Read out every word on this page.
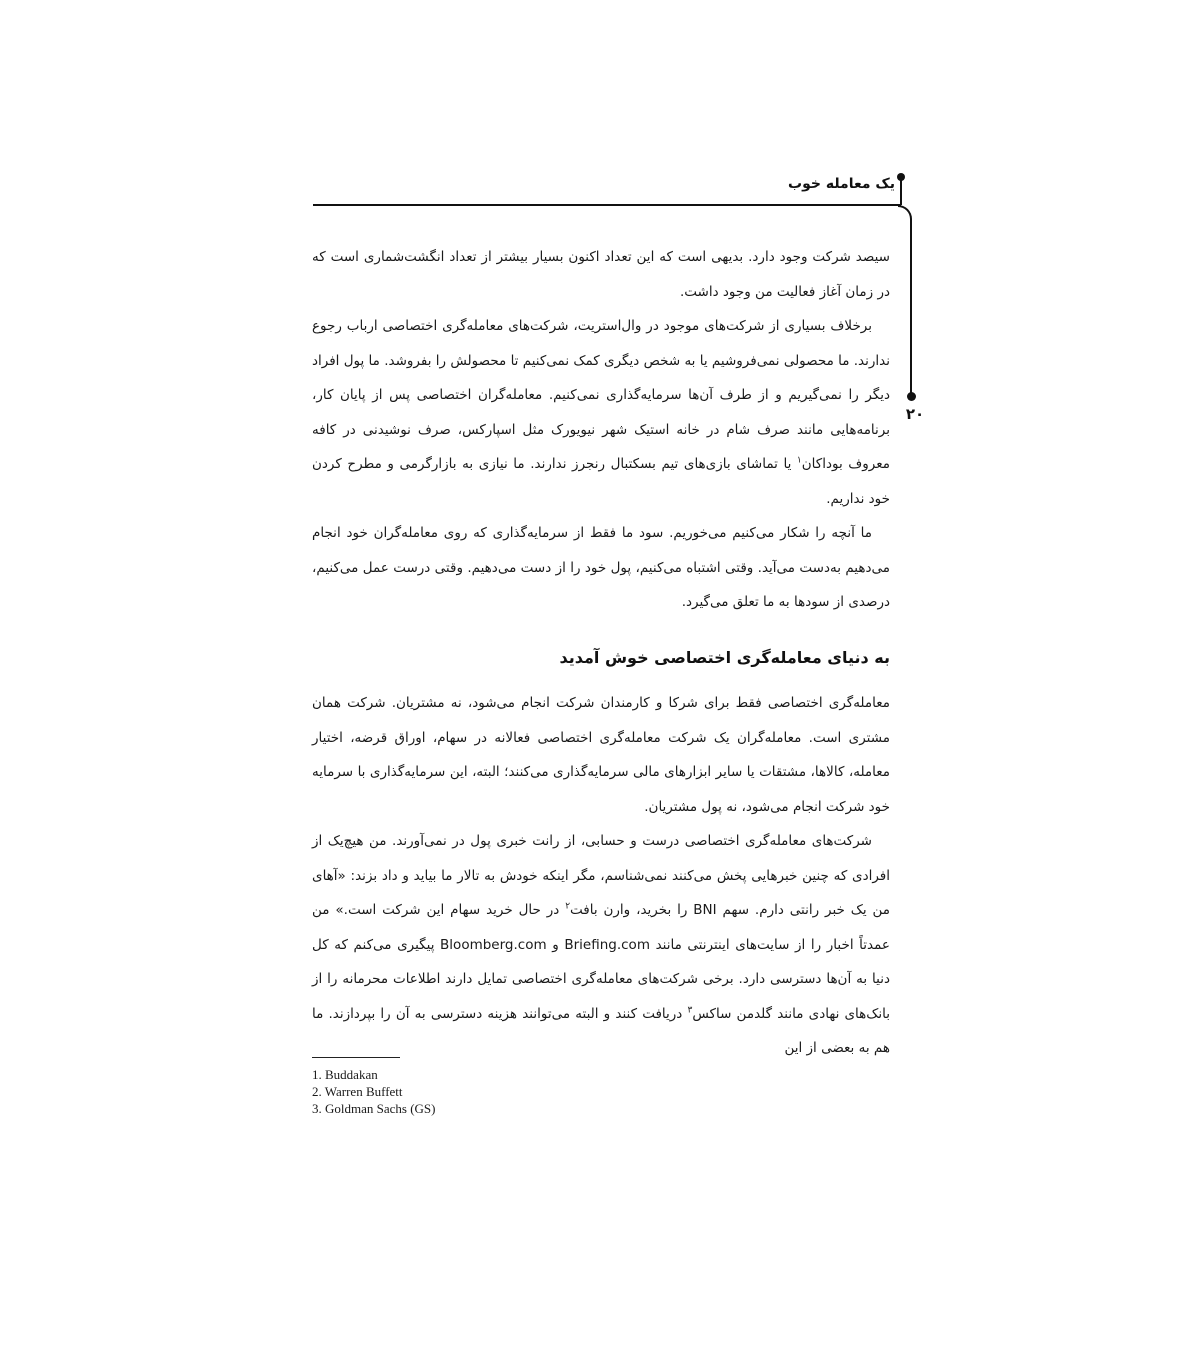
یک معامله خوب
۲۰

سیصد شرکت وجود دارد. بدیهی است که این تعداد اکنون بسیار بیشتر از تعداد انگشت‌شماری است که در زمان آغاز فعالیت من وجود داشت.

برخلاف بسیاری از شرکت‌های موجود در وال‌استریت، شرکت‌های معامله‌گری اختصاصی ارباب رجوع ندارند. ما محصولی نمی‌فروشیم یا به شخص دیگری کمک نمی‌کنیم تا محصولش را بفروشد. ما پول افراد دیگر را نمی‌گیریم و از طرف آن‌ها سرمایه‌گذاری نمی‌کنیم. معامله‌گران اختصاصی پس از پایان کار، برنامه‌هایی مانند صرف شام در خانه استیک شهر نیویورک مثل اسپارکس، صرف نوشیدنی در کافه معروف بوداکان$^۱$ یا تماشای بازی‌های تیم بسکتبال رنجرز ندارند. ما نیازی به بازارگرمی و مطرح کردن خود نداریم.

ما آنچه را شکار می‌کنیم می‌خوریم. سود ما فقط از سرمایه‌گذاری که روی معامله‌گران خود انجام می‌دهیم به‌دست می‌آید. وقتی اشتباه می‌کنیم، پول خود را از دست می‌دهیم. وقتی درست عمل می‌کنیم، درصدی از سودها به ما تعلق می‌گیرد.

به دنیای معامله‌گری اختصاصی خوش آمدید

معامله‌گری اختصاصی فقط برای شرکا و کارمندان شرکت انجام می‌شود، نه مشتریان. شرکت همان مشتری است. معامله‌گران یک شرکت معامله‌گری اختصاصی فعالانه در سهام، اوراق قرضه، اختیار معامله، کالاها، مشتقات یا سایر ابزارهای مالی سرمایه‌گذاری می‌کنند؛ البته، این سرمایه‌گذاری با سرمایه خود شرکت انجام می‌شود، نه پول مشتریان.

شرکت‌های معامله‌گری اختصاصی درست و حسابی، از رانت خبری پول در نمی‌آورند. من هیچ‌یک از افرادی که چنین خبرهایی پخش می‌کنند نمی‌شناسم، مگر اینکه خودش به تالار ما بیاید و داد بزند: «آهای من یک خبر رانتی دارم. سهم BNI را بخرید، وارن بافت$^۲$ در حال خرید سهام این شرکت است.» من عمدتاً اخبار را از سایت‌های اینترنتی مانند Briefing.com و Bloomberg.com پیگیری می‌کنم که کل دنیا به آن‌ها دسترسی دارد. برخی شرکت‌های معامله‌گری اختصاصی تمایل دارند اطلاعات محرمانه را از بانک‌های نهادی مانند گلدمن ساکس$^۳$ دریافت کنند و البته می‌توانند هزینه دسترسی به آن را بپردازند. ما هم به بعضی از این

1. Buddakan
2. Warren Buffett
3. Goldman Sachs (GS)
